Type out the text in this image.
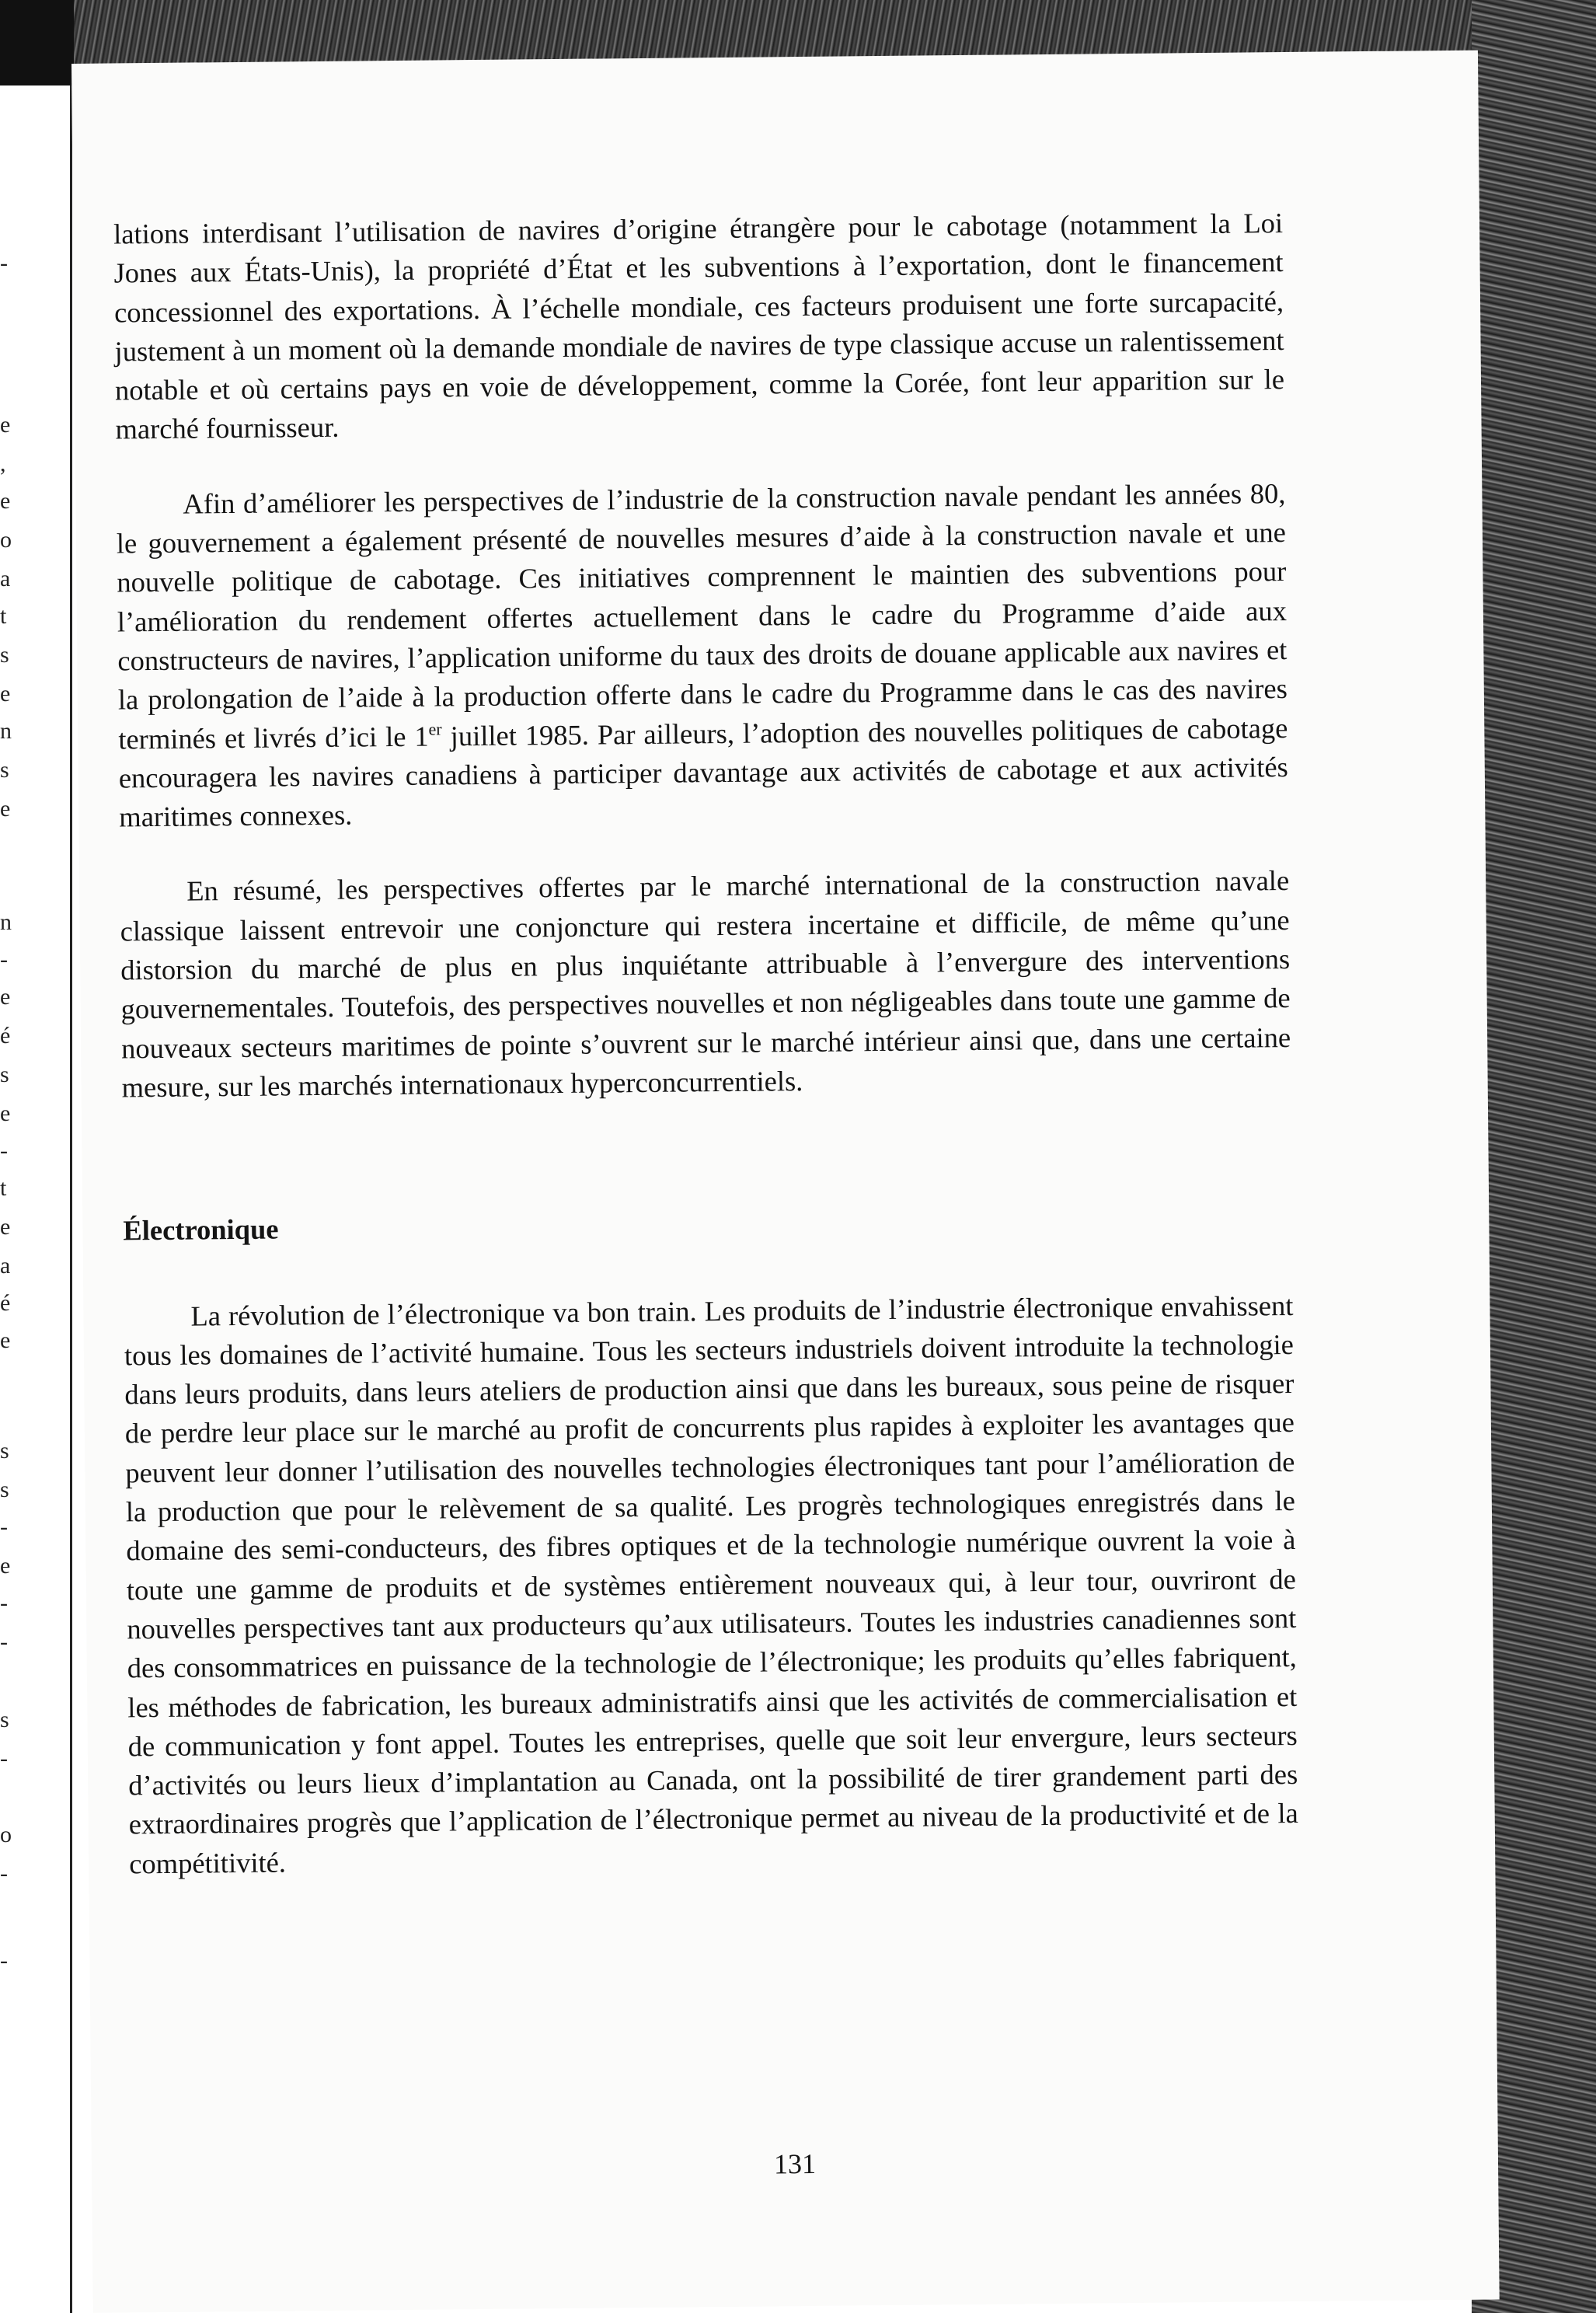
-
e
,
e
o
a
t
s
e
n
s
e
n
-
e
é
s
e
-
t
e
a
é
e
s
s
-
e
-
-
s
-
o
-
-

lations interdisant l’utilisation de navires d’origine étrangère pour le cabotage (notamment la Loi Jones aux États-Unis), la propriété d’État et les subventions à l’exportation, dont le financement concessionnel des exportations. À l’échelle mondiale, ces facteurs produisent une forte surcapacité, justement à un moment où la demande mondiale de navires de type classique accuse un ralentissement notable et où certains pays en voie de développement, comme la Corée, font leur apparition sur le marché fournisseur.

Afin d’améliorer les perspectives de l’industrie de la construction navale pendant les années 80, le gouvernement a également présenté de nouvelles mesures d’aide à la construction navale et une nouvelle politique de cabotage. Ces initiatives comprennent le maintien des subventions pour l’amélioration du rendement offertes actuellement dans le cadre du Programme d’aide aux constructeurs de navires, l’application uniforme du taux des droits de douane applicable aux navires et la prolongation de l’aide à la production offerte dans le cadre du Programme dans le cas des navires terminés et livrés d’ici le 1er juillet 1985. Par ailleurs, l’adoption des nouvelles politiques de cabotage encouragera les navires canadiens à participer davantage aux activités de cabotage et aux activités maritimes connexes.

En résumé, les perspectives offertes par le marché international de la construction navale classique laissent entrevoir une conjoncture qui restera incertaine et difficile, de même qu’une distorsion du marché de plus en plus inquiétante attribuable à l’envergure des interventions gouvernementales. Toutefois, des perspectives nouvelles et non négligeables dans toute une gamme de nouveaux secteurs maritimes de pointe s’ouvrent sur le marché intérieur ainsi que, dans une certaine mesure, sur les marchés internationaux hyperconcurrentiels.

Électronique

La révolution de l’électronique va bon train. Les produits de l’industrie électronique envahissent tous les domaines de l’activité humaine. Tous les secteurs industriels doivent introduite la technologie dans leurs produits, dans leurs ateliers de production ainsi que dans les bureaux, sous peine de risquer de perdre leur place sur le marché au profit de concurrents plus rapides à exploiter les avantages que peuvent leur donner l’utilisation des nouvelles technologies électroniques tant pour l’amélioration de la production que pour le relèvement de sa qualité. Les progrès technologiques enregistrés dans le domaine des semi-conducteurs, des fibres optiques et de la technologie numérique ouvrent la voie à toute une gamme de produits et de systèmes entièrement nouveaux qui, à leur tour, ouvriront de nouvelles perspectives tant aux producteurs qu’aux utilisateurs. Toutes les industries canadiennes sont des consommatrices en puissance de la technologie de l’électronique; les produits qu’elles fabriquent, les méthodes de fabrication, les bureaux administratifs ainsi que les activités de commercialisation et de communication y font appel. Toutes les entreprises, quelle que soit leur envergure, leurs secteurs d’activités ou leurs lieux d’implantation au Canada, ont la possibilité de tirer grandement parti des extraordinaires progrès que l’application de l’électronique permet au niveau de la productivité et de la compétitivité.

131
